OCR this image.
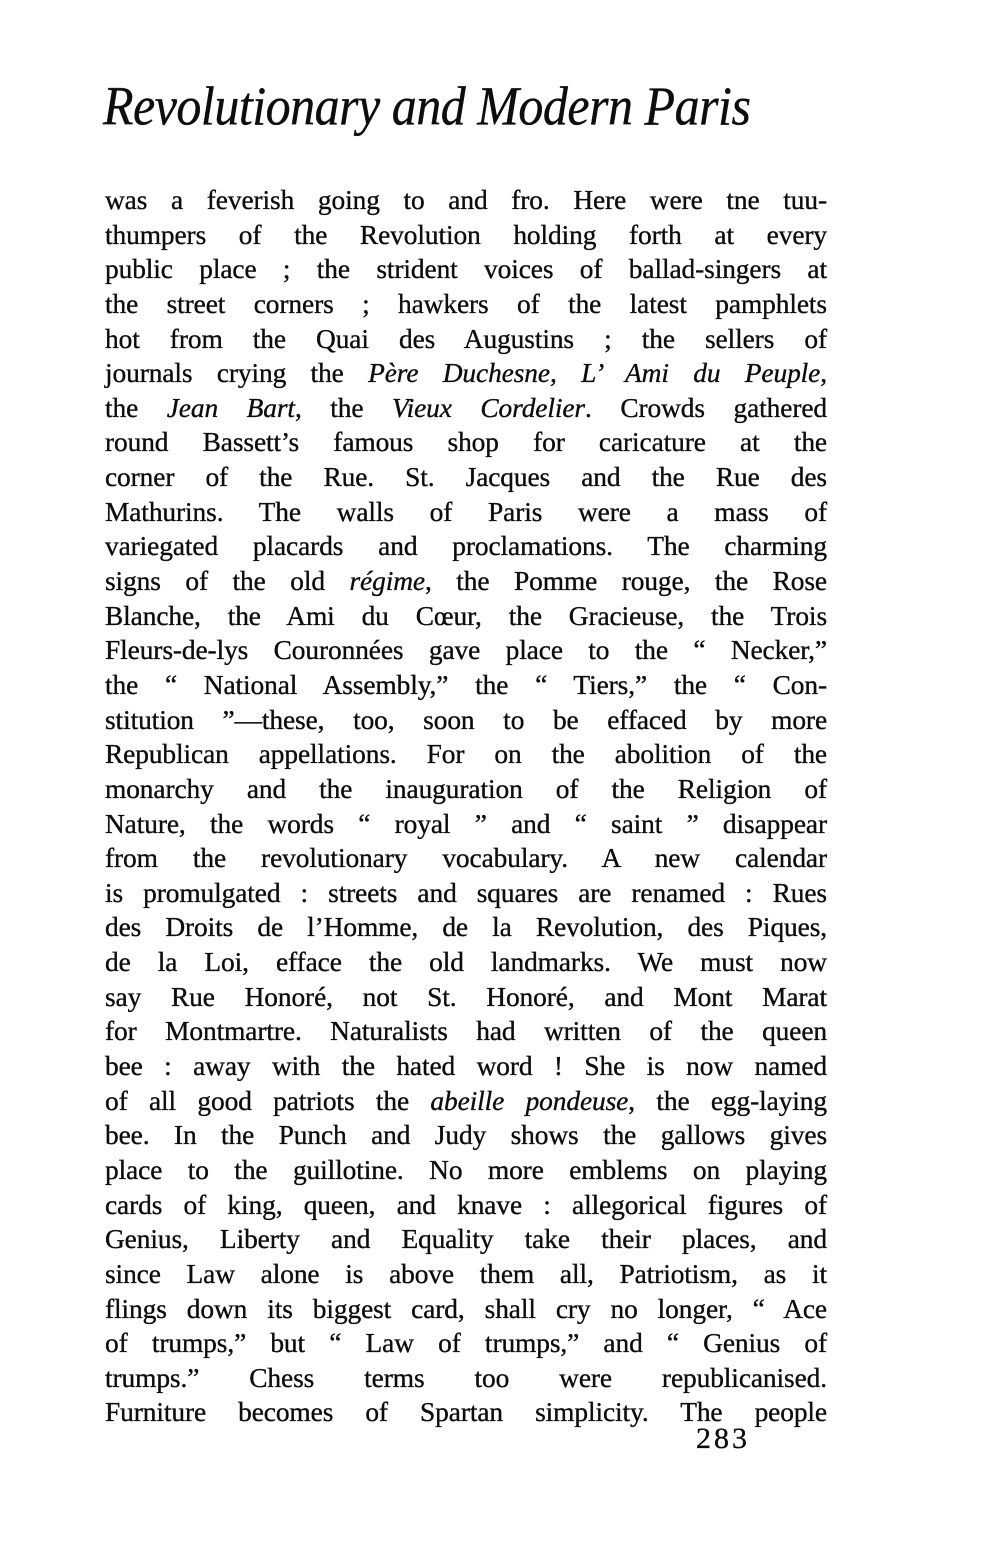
Revolutionary and Modern Paris
was a feverish going to and fro. Here were tne tuu-
thumpers of the Revolution holding forth at every
public place ; the strident voices of ballad-singers at
the street corners ; hawkers of the latest pamphlets
hot from the Quai des Augustins ; the sellers of
journals crying the Père Duchesne, L’ Ami du Peuple,
the Jean Bart, the Vieux Cordelier. Crowds gathered
round Bassett’s famous shop for caricature at the
corner of the Rue. St. Jacques and the Rue des
Mathurins. The walls of Paris were a mass of
variegated placards and proclamations. The charming
signs of the old régime, the Pomme rouge, the Rose
Blanche, the Ami du Cœur, the Gracieuse, the Trois
Fleurs-de-lys Couronnées gave place to the “ Necker,”
the “ National Assembly,” the “ Tiers,” the “ Con-
stitution ”—these, too, soon to be effaced by more
Republican appellations. For on the abolition of the
monarchy and the inauguration of the Religion of
Nature, the words “ royal ” and “ saint ” disappear
from the revolutionary vocabulary. A new calendar
is promulgated : streets and squares are renamed : Rues
des Droits de l’Homme, de la Revolution, des Piques,
de la Loi, efface the old landmarks. We must now
say Rue Honoré, not St. Honoré, and Mont Marat
for Montmartre. Naturalists had written of the queen
bee : away with the hated word ! She is now named
of all good patriots the abeille pondeuse, the egg-laying
bee. In the Punch and Judy shows the gallows gives
place to the guillotine. No more emblems on playing
cards of king, queen, and knave : allegorical figures of
Genius, Liberty and Equality take their places, and
since Law alone is above them all, Patriotism, as it
flings down its biggest card, shall cry no longer, “ Ace
of trumps,” but “ Law of trumps,” and “ Genius of
trumps.” Chess terms too were republicanised.
Furniture becomes of Spartan simplicity. The people
283
